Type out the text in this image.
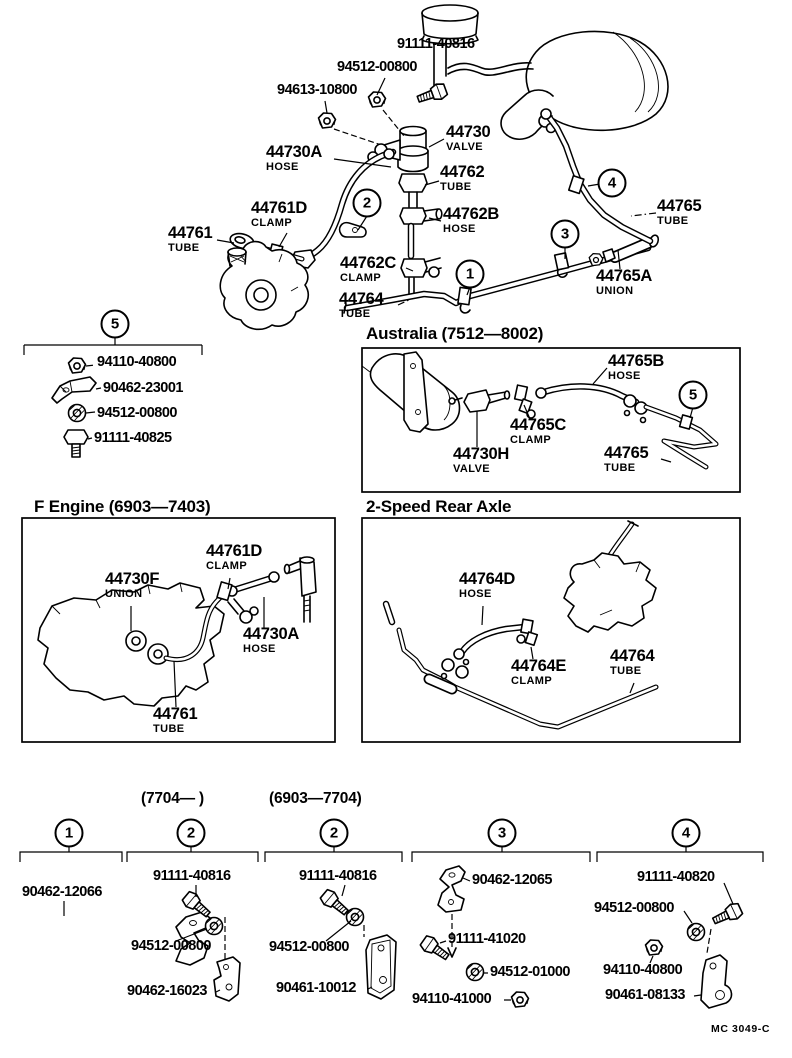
91111-40816
94512-00800
94613-10800
44730
VALVE
44730A
HOSE	44762
TUBE
44761D
CLAMP
44762B
HOSE
44765
TUBE
44761
TUBE
44762C
CLAMP	44765A
UNION
44764
TUBE
94110-40800
90462-23001
94512-00800
91111-40825
44765B
HOSE
44765C
CLAMP
44730H
VALVE
44765
TUBE
44761D
CLAMP
44730F
UNION
44730A
HOSE
44761
TUBE
44764D
HOSE
44764E
CLAMP
44764
TUBE
90462-12066
91111-40816
94512-00800
90462-16023
91111-40816
94512-00800
90461-10012
90462-12065
91111-41020
94512-01000
94110-41000
91111-40820
94512-00800
94110-40800
90461-08133
Australia (7512—8002)
F Engine (6903—7403)	2-Speed Rear Axle
(7704— )	(6903—7704)
2
4
3
1
5
5
1	2	2	3	4
MC 3049-C
